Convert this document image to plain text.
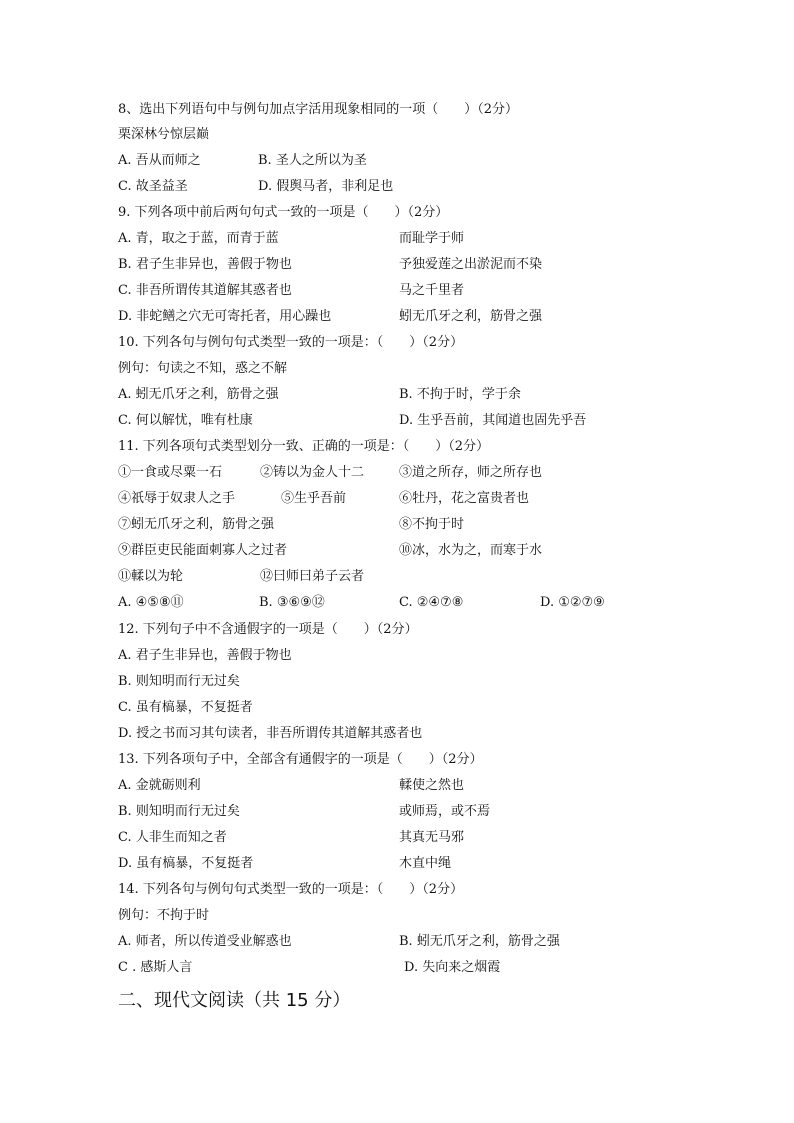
8、选出下列语句中与例句加点字活用现象相同的一项（　　）（2分）
栗深林兮惊层巅
A. 吾从而师之	B. 圣人之所以为圣
C. 故圣益圣	D. 假舆马者，非利足也
9. 下列各项中前后两句句式一致的一项是（　　）（2分）
A. 青，取之于蓝，而青于蓝	而耻学于师
B. 君子生非异也，善假于物也	予独爱莲之出淤泥而不染
C. 非吾所谓传其道解其惑者也	马之千里者
D. 非蛇鳝之穴无可寄托者，用心躁也	蚓无爪牙之利，筋骨之强
10. 下列各句与例句句式类型一致的一项是：（　　）（2分）
例句：句读之不知，惑之不解
A. 蚓无爪牙之利，筋骨之强	B. 不拘于时，学于余
C. 何以解忧，唯有杜康	D. 生乎吾前，其闻道也固先乎吾
11. 下列各项句式类型划分一致、正确的一项是：（　　）（2分）
①一食或尽粟一石	②铸以为金人十二	③道之所存，师之所存也
④祇辱于奴隶人之手	⑤生乎吾前	⑥牡丹，花之富贵者也
⑦蚓无爪牙之利，筋骨之强	⑧不拘于时
⑨群臣吏民能面刺寡人之过者	⑩冰，水为之，而寒于水
⑪輮以为轮	⑫曰师曰弟子云者
A. ④⑤⑧⑪	B. ③⑥⑨⑫	C. ②④⑦⑧	D. ①②⑦⑨
12. 下列句子中不含通假字的一项是（　　）（2分）
A. 君子生非异也，善假于物也
B. 则知明而行无过矣
C. 虽有槁暴，不复挺者
D. 授之书而习其句读者，非吾所谓传其道解其惑者也
13. 下列各项句子中，全部含有通假字的一项是（　　）（2分）
A. 金就砺则利	輮使之然也
B. 则知明而行无过矣	或师焉，或不焉
C. 人非生而知之者	其真无马邪
D. 虽有槁暴，不复挺者	木直中绳
14. 下列各句与例句句式类型一致的一项是：（　　）（2分）
例句：不拘于时
A. 师者，所以传道受业解惑也	B. 蚓无爪牙之利，筋骨之强
C . 感斯人言	D. 失向来之烟霞
二、现代文阅读（共 15 分）
